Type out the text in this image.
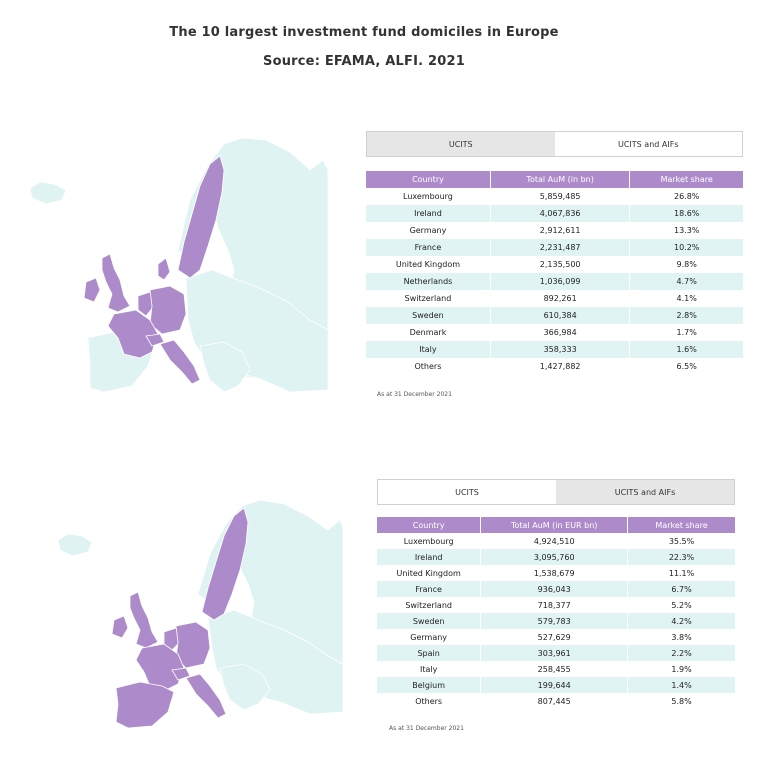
The 10 largest investment fund domiciles in Europe
Source: EFAMA, ALFI. 2021
UCITS	UCITS and AIFs
Country	Total AuM (in bn)	Market share
Luxembourg	5,859,485	26.8%
Ireland	4,067,836	18.6%
Germany	2,912,611	13.3%
France	2,231,487	10.2%
United Kingdom	2,135,500	9.8%
Netherlands	1,036,099	4.7%
Switzerland	892,261	4.1%
Sweden	610,384	2.8%
Denmark	366,984	1.7%
Italy	358,333	1.6%
Others	1,427,882	6.5%
As at 31 December 2021
UCITS	UCITS and AIFs
Country	Total AuM (in EUR bn)	Market share
Luxembourg	4,924,510	35.5%
Ireland	3,095,760	22.3%
United Kingdom	1,538,679	11.1%
France	936,043	6.7%
Switzerland	718,377	5.2%
Sweden	579,783	4.2%
Germany	527,629	3.8%
Spain	303,961	2.2%
Italy	258,455	1.9%
Belgium	199,644	1.4%
Others	807,445	5.8%
As at 31 December 2021
